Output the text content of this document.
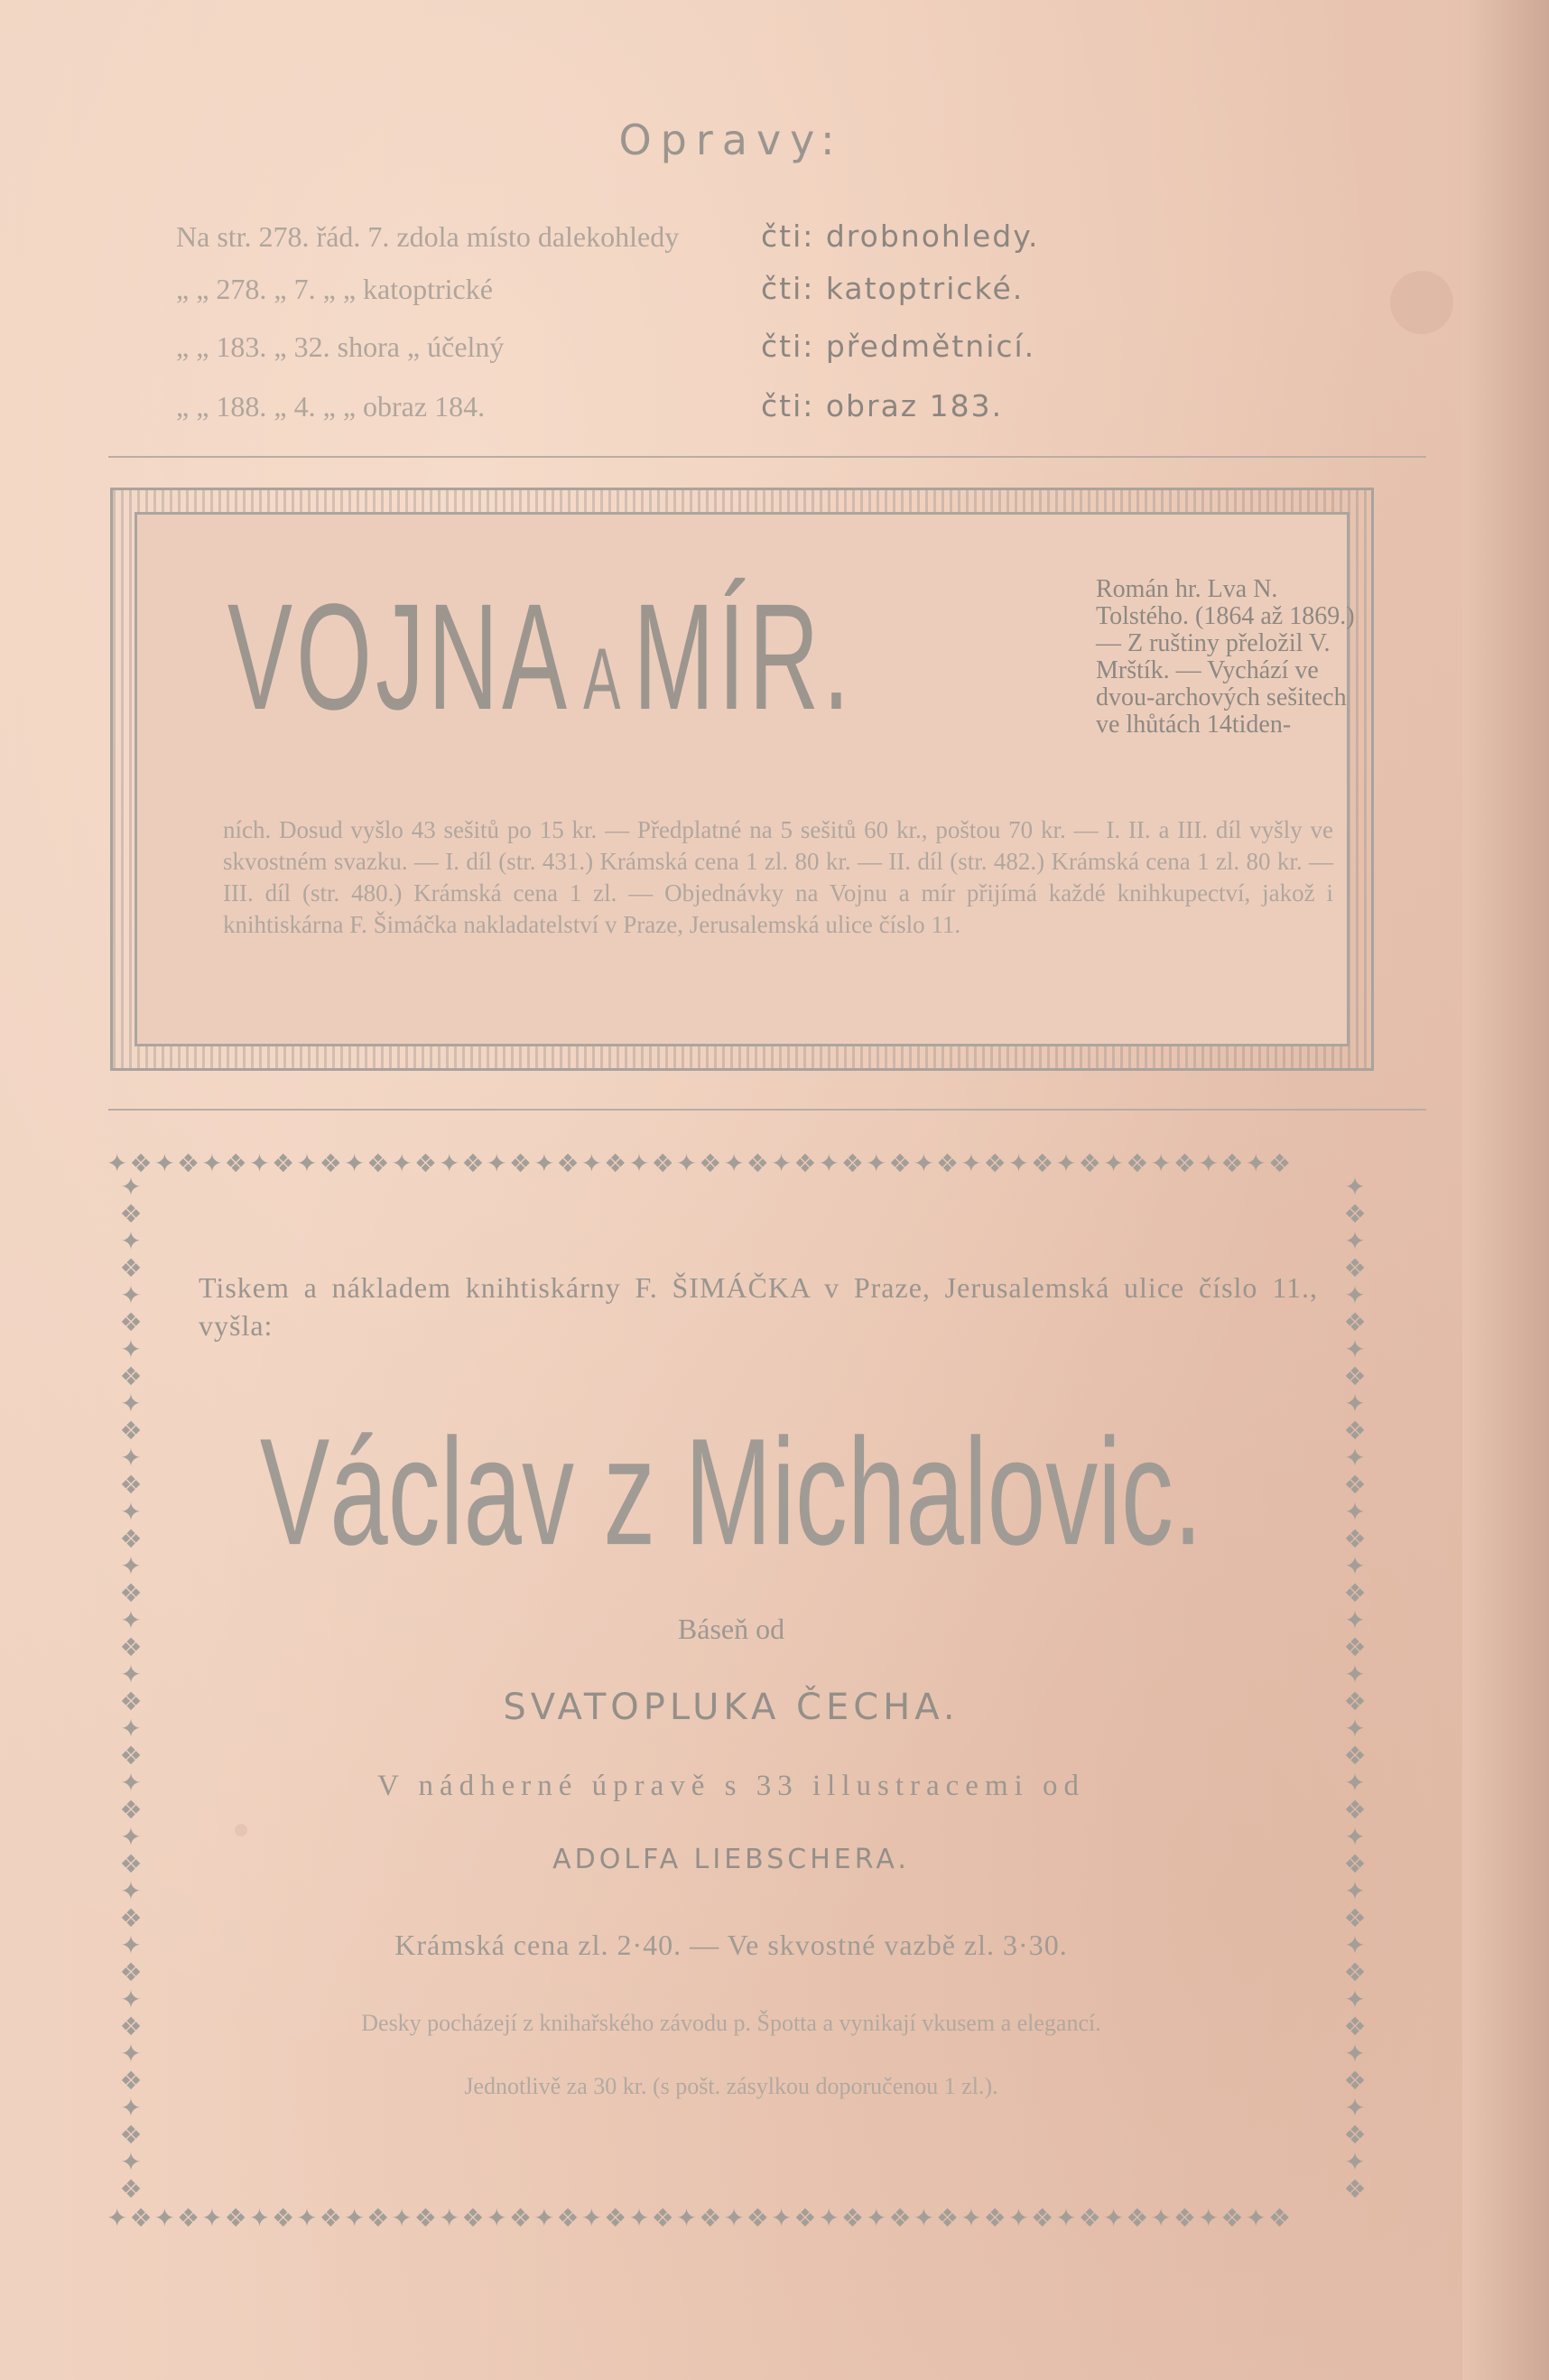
Opravy:
Na str. 278. řád. 7. zdola místo dalekohledy	čti: drobnohledy.
„ „ 278. „ 7. „ „ katoptrické	čti: katoptrické.
„ „ 183. „ 32. shora „ účelný	čti: předmětnicí.
„ „ 188. „ 4. „ „ obraz 184.	čti: obraz 183.
VOJNA A MÍR.	Román hr. Lva N. Tolstého. (1864 až 1869.) — Z ruštiny přeložil V. Mrštík. — Vychází ve dvou-archových sešitech ve lhůtách 14tiden-
ních. Dosud vyšlo 43 sešitů po 15 kr. — Předplatné na 5 sešitů 60 kr., poštou 70 kr. — I. II. a III. díl vyšly ve skvostném svazku. — I. díl (str. 431.) Krámská cena 1 zl. 80 kr. — II. díl (str. 482.) Krámská cena 1 zl. 80 kr. — III. díl (str. 480.) Krámská cena 1 zl. — Objednávky na Vojnu a mír přijímá každé knihkupectví, jakož i knihtiskárna F. Šimáčka nakladatelství v Praze, Jerusalemská ulice číslo 11.
✦❖✦❖✦❖✦❖✦❖✦❖✦❖✦❖✦❖✦❖✦❖✦❖✦❖✦❖✦❖✦❖✦❖✦❖✦❖✦❖✦❖✦❖✦❖✦❖✦❖
✦❖✦❖✦❖✦❖✦❖✦❖✦❖✦❖✦❖✦❖✦❖✦❖✦❖✦❖✦❖✦❖✦❖✦❖✦❖✦❖✦❖✦❖✦❖✦❖✦❖
✦ ❖ ✦ ❖ ✦ ❖ ✦ ❖ ✦ ❖ ✦ ❖ ✦ ❖ ✦ ❖ ✦ ❖ ✦ ❖ ✦ ❖ ✦ ❖ ✦ ❖ ✦ ❖ ✦ ❖ ✦ ❖ ✦ ❖ ✦ ❖ ✦ ❖
✦ ❖ ✦ ❖ ✦ ❖ ✦ ❖ ✦ ❖ ✦ ❖ ✦ ❖ ✦ ❖ ✦ ❖ ✦ ❖ ✦ ❖ ✦ ❖ ✦ ❖ ✦ ❖ ✦ ❖ ✦ ❖ ✦ ❖ ✦ ❖ ✦ ❖
Tiskem a nákladem knihtiskárny F. ŠIMÁČKA v Praze, Jerusalemská ulice číslo 11., vyšla:
Václav z Michalovic.
Báseň od
SVATOPLUKA ČECHA.
V nádherné úpravě s 33 illustracemi od
ADOLFA LIEBSCHERA.
Krámská cena zl. 2·40. — Ve skvostné vazbě zl. 3·30.
Desky pocházejí z knihařského závodu p. Špotta a vynikají vkusem a elegancí.
Jednotlivě za 30 kr. (s pošt. zásylkou doporučenou 1 zl.).
